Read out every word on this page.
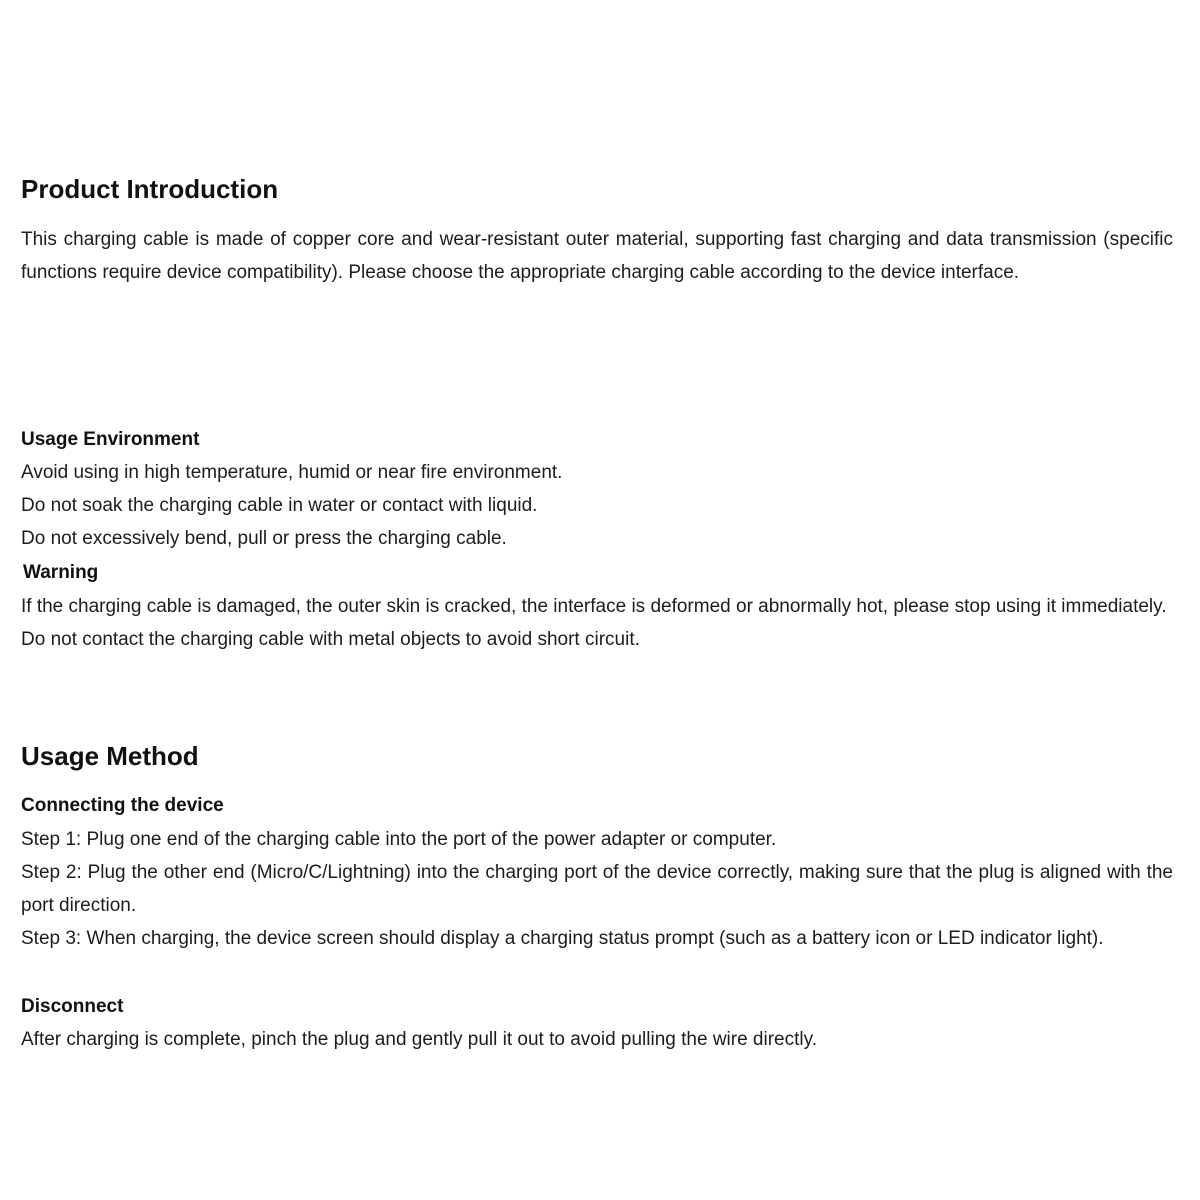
Product Introduction

This charging cable is made of copper core and wear-resistant outer material, supporting fast charging and data transmission (specific functions require device compatibility). Please choose the appropriate charging cable according to the device interface.

Usage Environment

Avoid using in high temperature, humid or near fire environment.

Do not soak the charging cable in water or contact with liquid.

Do not excessively bend, pull or press the charging cable.

Warning

If the charging cable is damaged, the outer skin is cracked, the interface is deformed or abnormally hot, please stop using it immediately.

Do not contact the charging cable with metal objects to avoid short circuit.

Usage Method
Connecting the device

Step 1: Plug one end of the charging cable into the port of the power adapter or computer.

Step 2: Plug the other end (Micro/C/Lightning) into the charging port of the device correctly, making sure that the plug is aligned with the port direction.

Step 3: When charging, the device screen should display a charging status prompt (such as a battery icon or LED indicator light).

Disconnect

After charging is complete, pinch the plug and gently pull it out to avoid pulling the wire directly.
